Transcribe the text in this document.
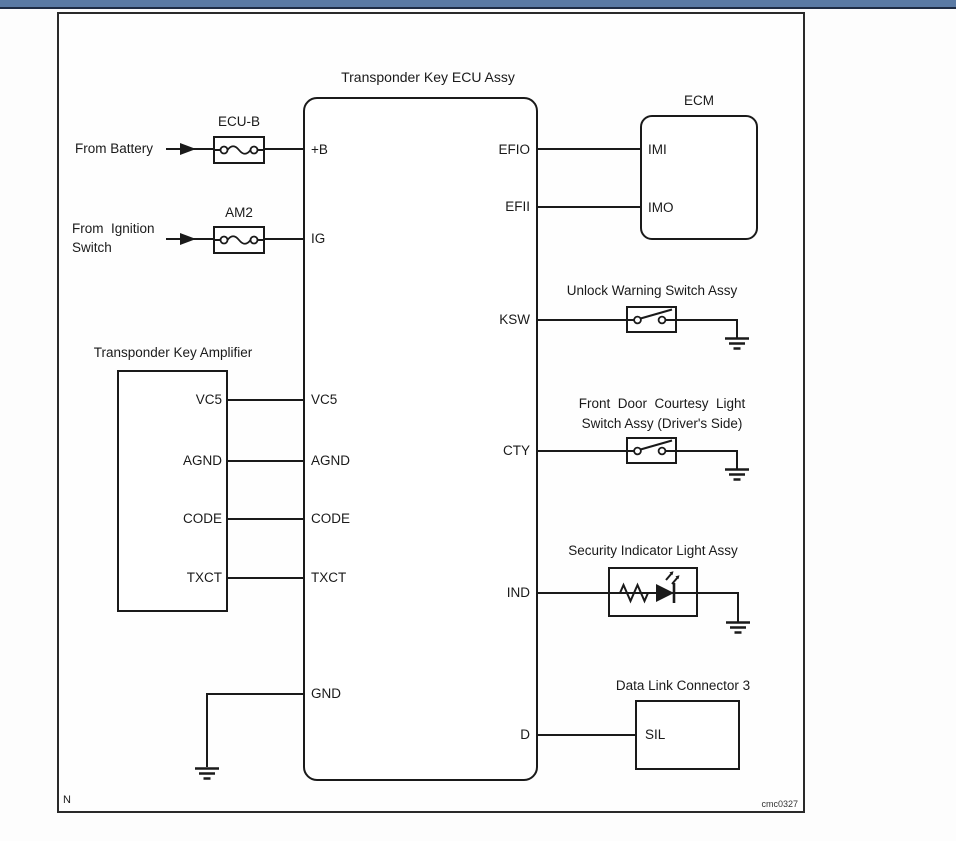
Transponder Key ECU Assy
ECM
Transponder Key Amplifier
Unlock Warning Switch Assy
Front  Door  Courtesy  Light
Switch Assy (Driver's Side)
Security Indicator Light Assy
Data Link Connector 3
ECU-B
AM2
From Battery
From  Ignition
Switch
+B
IG
VC5
AGND
CODE
TXCT
GND
EFIO
EFII
KSW
CTY
IND
D
VC5
AGND
CODE
TXCT
IMI
IMO
SIL
N	cmc0327
